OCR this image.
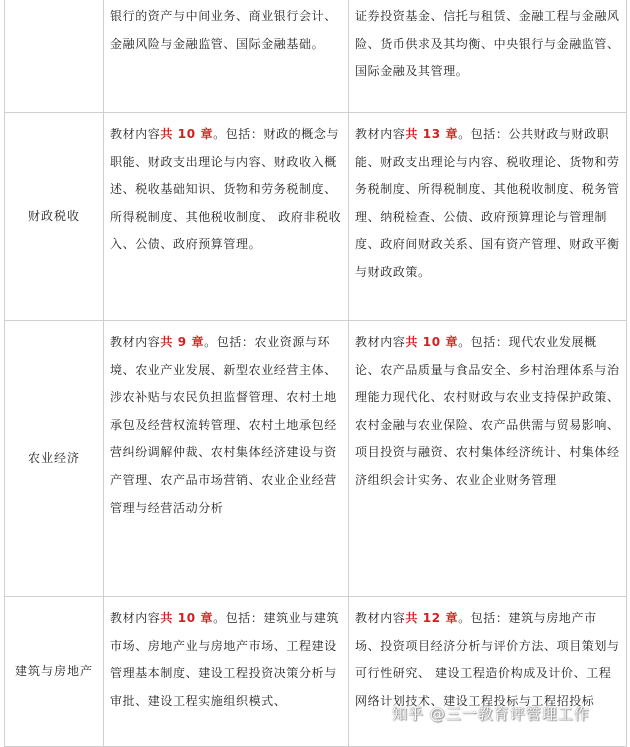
	银行的资产与中间业务、商业银行会计、金融风险与金融监管、国际金融基础。	证券投资基金、信托与租赁、金融工程与金融风险、货币供求及其均衡、中央银行与金融监管、国际金融及其管理。
财政税收	教材内容共 10 章。包括：财政的概念与职能、财政支出理论与内容、财政收入概述、税收基础知识、货物和劳务税制度、所得税制度、其他税收制度、 政府非税收入、公债、政府预算管理。	教材内容共 13 章。包括：公共财政与财政职能、财政支出理论与内容、税收理论、货物和劳务税制度、所得税制度、其他税收制度、税务管理、纳税检查、公债、政府预算理论与管理制度、政府间财政关系、国有资产管理、财政平衡与财政政策。
农业经济	教材内容共 9 章。包括：农业资源与环境、农业产业发展、新型农业经营主体、涉农补贴与农民负担监督管理、农村土地承包及经营权流转管理、农村土地承包经营纠纷调解仲裁、农村集体经济建设与资产管理、农产品市场营销、农业企业经营管理与经营活动分析	教材内容共 10 章。包括：现代农业发展概论、农产品质量与食品安全、乡村治理体系与治理能力现代化、农村财政与农业支持保护政策、农村金融与农业保险、农产品供需与贸易影响、项目投资与融资、农村集体经济统计、村集体经济组织会计实务、农业企业财务管理
建筑与房地产	教材内容共 10 章。包括：建筑业与建筑市场、房地产业与房地产市场、工程建设管理基本制度、建设工程投资决策分析与审批、建设工程实施组织模式、	教材内容共 12 章。包括：建筑与房地产市场、投资项目经济分析与评价方法、项目策划与可行性研究、 建设工程造价构成及计价、工程网络计划技术、建设工程投标与工程招投标
知乎 @三一教育评管理工作
